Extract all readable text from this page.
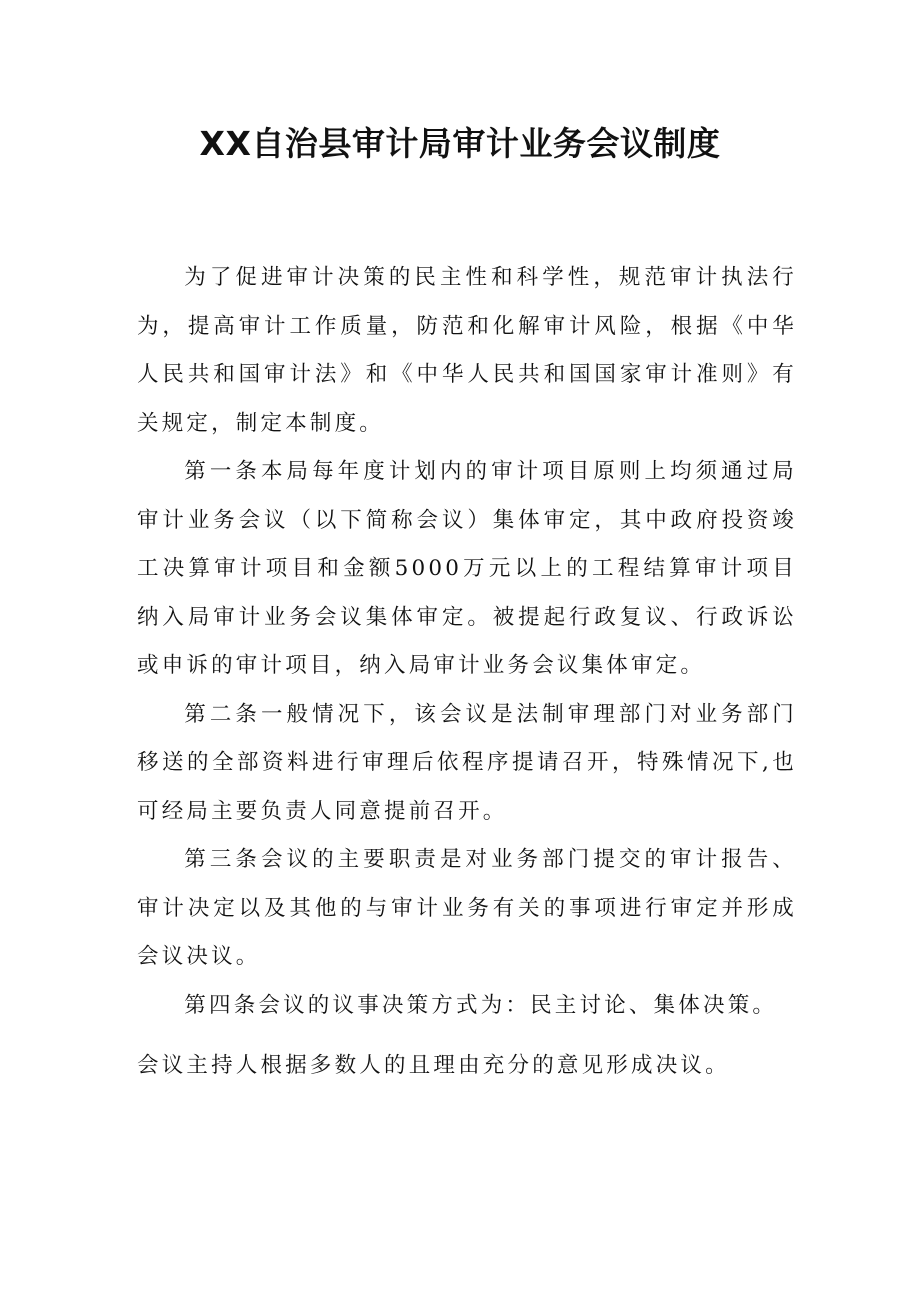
XX自治县审计局审计业务会议制度

为了促进审计决策的民主性和科学性，规范审计执法行为，提高审计工作质量，防范和化解审计风险，根据《中华人民共和国审计法》和《中华人民共和国国家审计准则》有关规定，制定本制度。

第一条本局每年度计划内的审计项目原则上均须通过局审计业务会议（以下简称会议）集体审定，其中政府投资竣工决算审计项目和金额5000万元以上的工程结算审计项目纳入局审计业务会议集体审定。被提起行政复议、行政诉讼或申诉的审计项目，纳入局审计业务会议集体审定。

第二条一般情况下，该会议是法制审理部门对业务部门移送的全部资料进行审理后依程序提请召开，特殊情况下,也可经局主要负责人同意提前召开。

第三条会议的主要职责是对业务部门提交的审计报告、审计决定以及其他的与审计业务有关的事项进行审定并形成会议决议。

第四条会议的议事决策方式为：民主讨论、集体决策。

会议主持人根据多数人的且理由充分的意见形成决议。
